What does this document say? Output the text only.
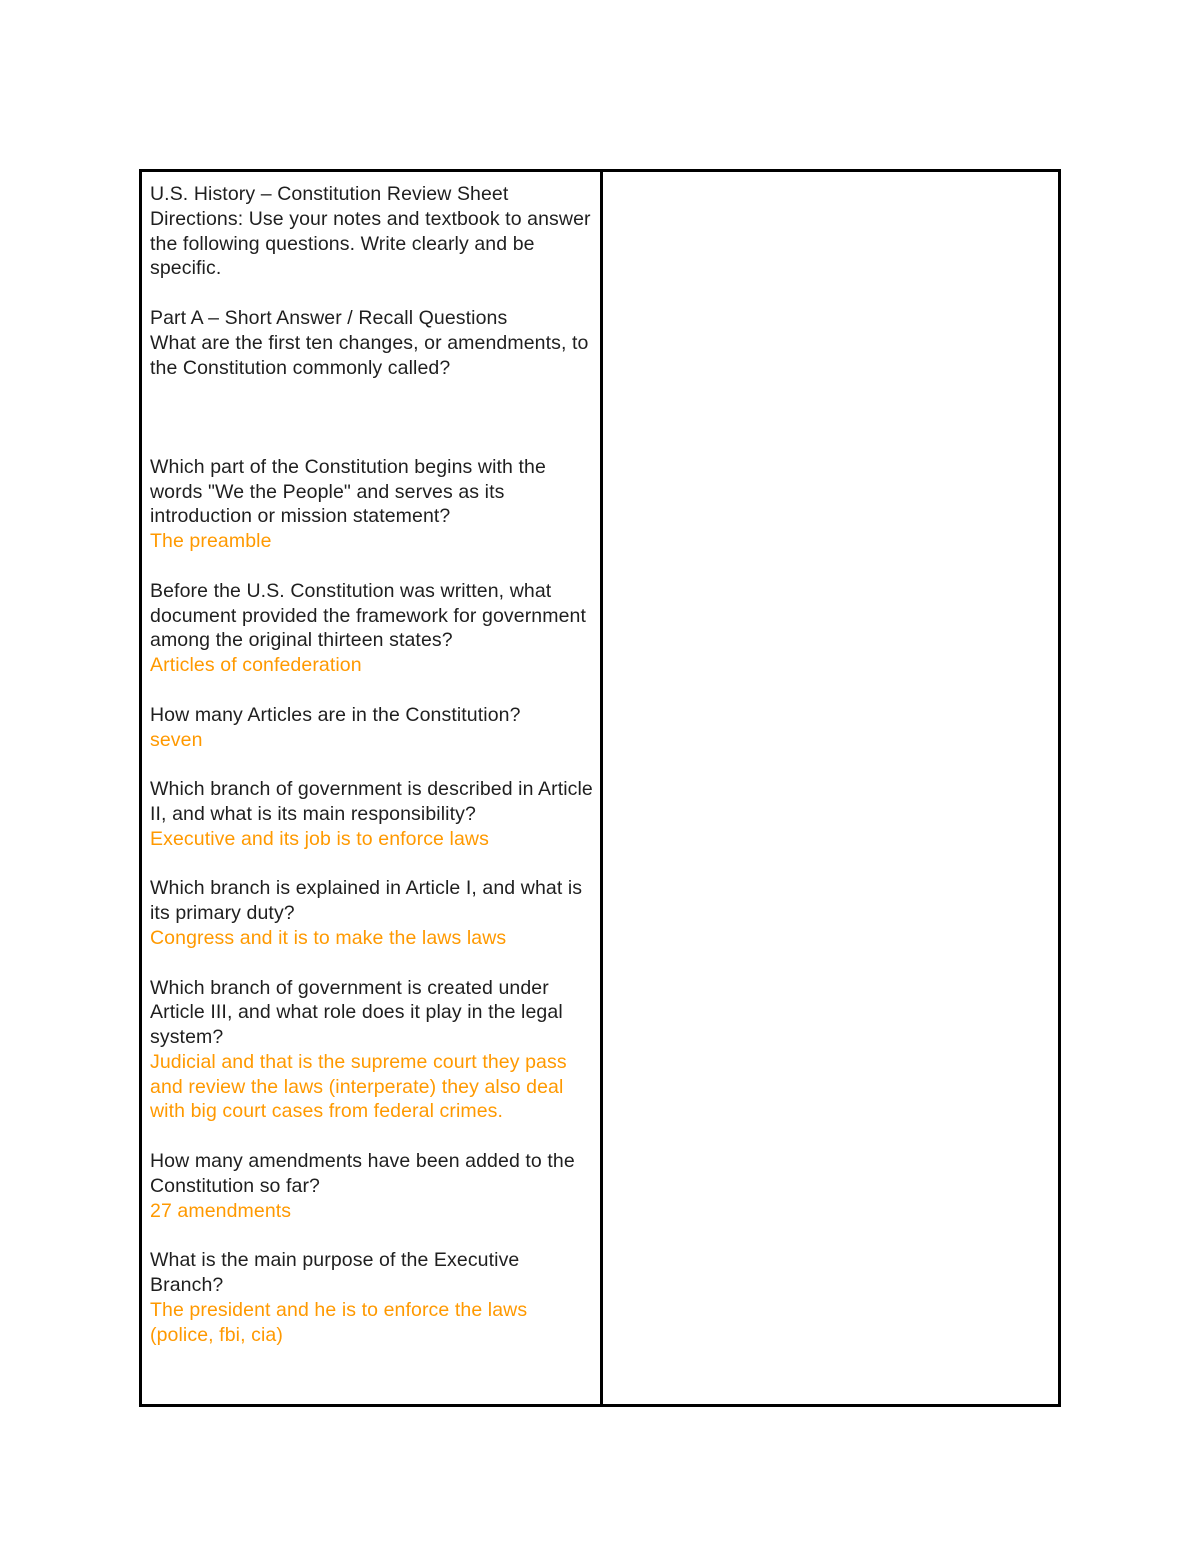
U.S. History – Constitution Review Sheet

Directions: Use your notes and textbook to answer the following questions. Write clearly and be specific.

Part A – Short Answer / Recall Questions

What are the first ten changes, or amendments, to the Constitution commonly called?

Which part of the Constitution begins with the words "We the People" and serves as its introduction or mission statement?

The preamble

Before the U.S. Constitution was written, what document provided the framework for government among the original thirteen states?

Articles of confederation

How many Articles are in the Constitution?

seven

Which branch of government is described in Article II, and what is its main responsibility?

Executive and its job is to enforce laws

Which branch is explained in Article I, and what is its primary duty?

Congress and it is to make the laws laws

Which branch of government is created under Article III, and what role does it play in the legal system?

Judicial and that is the supreme court they pass and review the laws (interperate) they also deal with big court cases from federal crimes.

How many amendments have been added to the Constitution so far?

27 amendments

What is the main purpose of the Executive Branch?

The president and he is to enforce the laws (police, fbi, cia)
